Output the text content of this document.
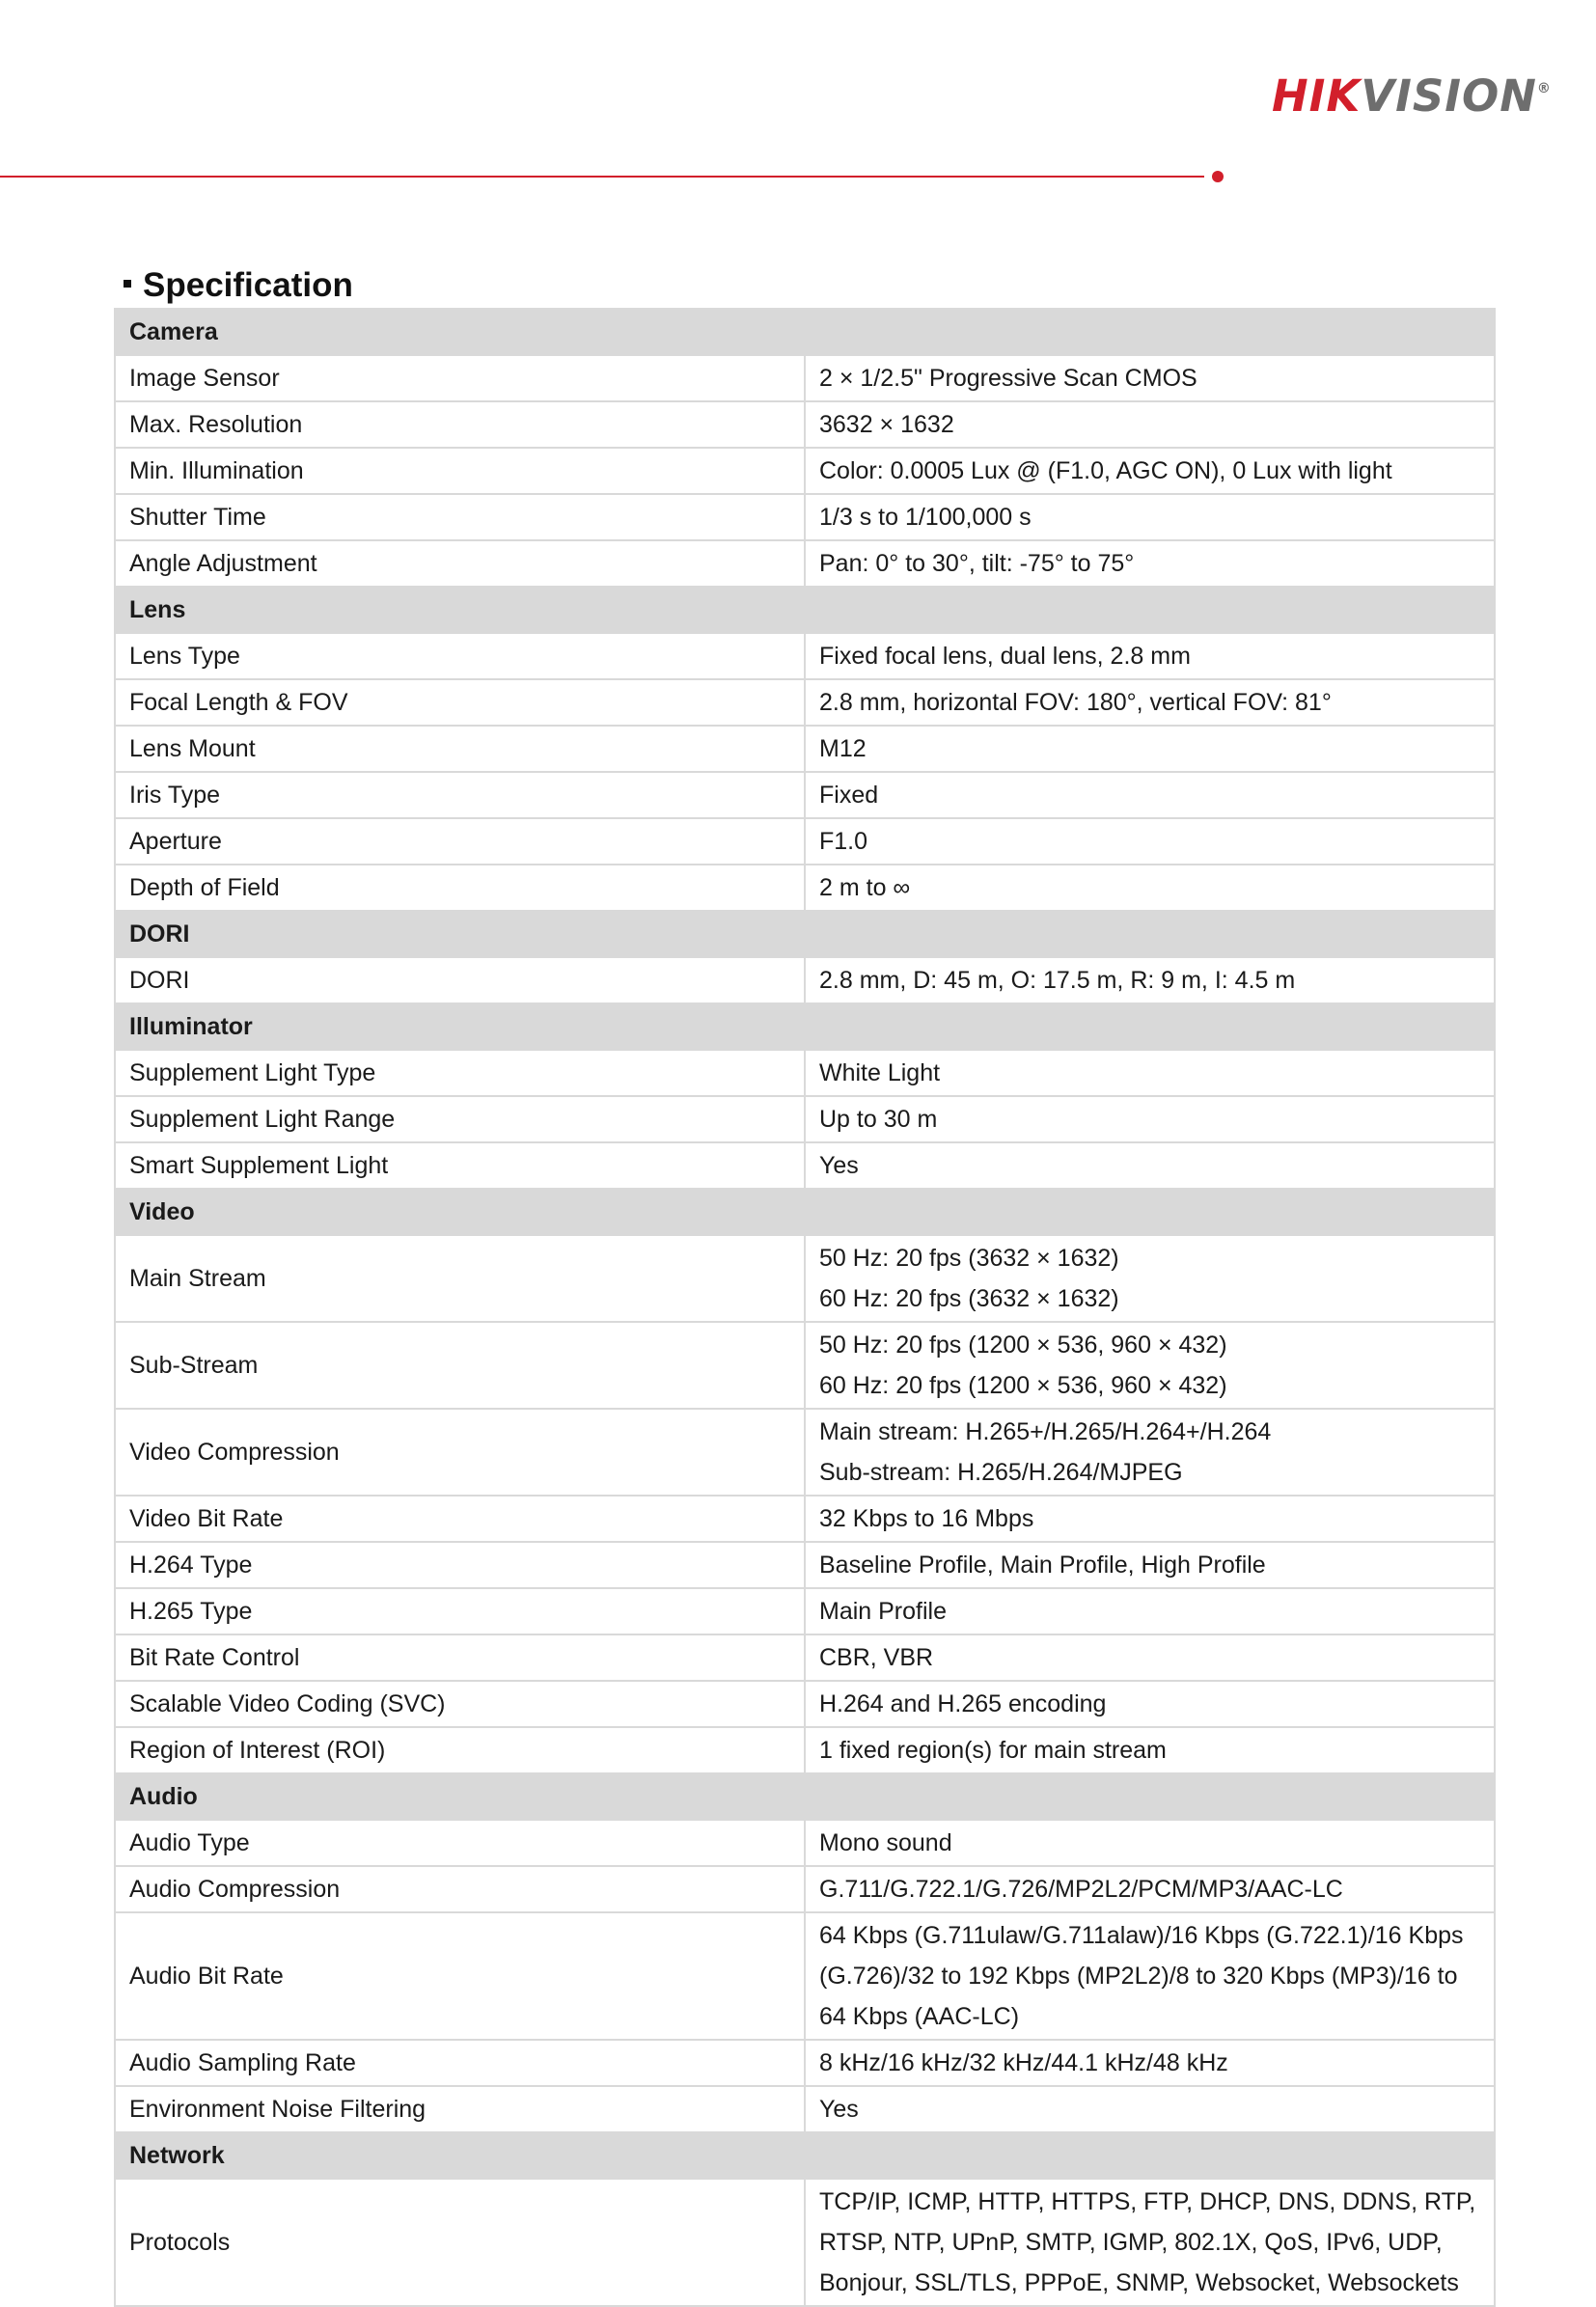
HIKVISION®
Specification
Camera	
Image Sensor	2 × 1/2.5" Progressive Scan CMOS

Max. Resolution	3632 × 1632

Min. Illumination	Color: 0.0005 Lux @ (F1.0, AGC ON), 0 Lux with light

Shutter Time	1/3 s to 1/100,000 s

Angle Adjustment	Pan: 0° to 30°, tilt: -75° to 75°

Lens	
Lens Type	Fixed focal lens, dual lens, 2.8 mm

Focal Length & FOV	2.8 mm, horizontal FOV: 180°, vertical FOV: 81°

Lens Mount	M12

Iris Type	Fixed

Aperture	F1.0

Depth of Field	2 m to ∞

DORI	
DORI	2.8 mm, D: 45 m, O: 17.5 m, R: 9 m, I: 4.5 m

Illuminator	
Supplement Light Type	White Light

Supplement Light Range	Up to 30 m

Smart Supplement Light	Yes

Video	
Main Stream	50 Hz: 20 fps (3632 × 1632)
60 Hz: 20 fps (3632 × 1632)

Sub-Stream	50 Hz: 20 fps (1200 × 536, 960 × 432)
60 Hz: 20 fps (1200 × 536, 960 × 432)

Video Compression	Main stream: H.265+/H.265/H.264+/H.264
Sub-stream: H.265/H.264/MJPEG

Video Bit Rate	32 Kbps to 16 Mbps

H.264 Type	Baseline Profile, Main Profile, High Profile

H.265 Type	Main Profile

Bit Rate Control	CBR, VBR

Scalable Video Coding (SVC)	H.264 and H.265 encoding

Region of Interest (ROI)	1 fixed region(s) for main stream

Audio	
Audio Type	Mono sound

Audio Compression	G.711/G.722.1/G.726/MP2L2/PCM/MP3/AAC-LC

Audio Bit Rate	64 Kbps (G.711ulaw/G.711alaw)/16 Kbps (G.722.1)/16 Kbps (G.726)/32 to 192 Kbps (MP2L2)/8 to 320 Kbps (MP3)/16 to 64 Kbps (AAC-LC)

Audio Sampling Rate	8 kHz/16 kHz/32 kHz/44.1 kHz/48 kHz

Environment Noise Filtering	Yes

Network	
Protocols	TCP/IP, ICMP, HTTP, HTTPS, FTP, DHCP, DNS, DDNS, RTP, RTSP, NTP, UPnP, SMTP, IGMP, 802.1X, QoS, IPv6, UDP, Bonjour, SSL/TLS, PPPoE, SNMP, Websocket, Websockets
